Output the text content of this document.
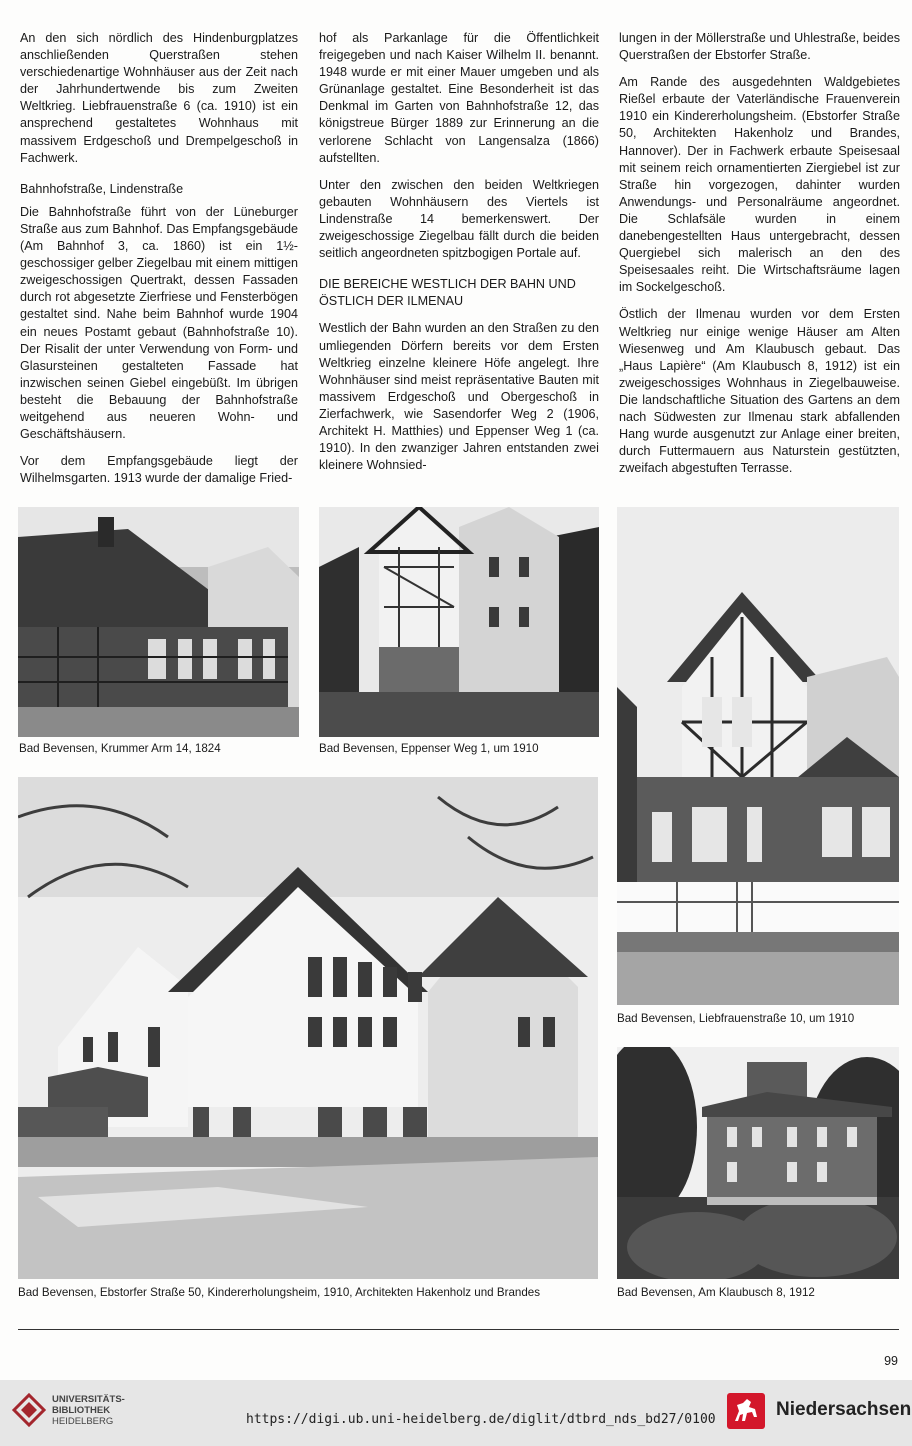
An den sich nördlich des Hindenburgplatzes anschließenden Querstraßen stehen verschiedenartige Wohnhäuser aus der Zeit nach der Jahrhundertwende bis zum Zweiten Weltkrieg. Liebfrauenstraße 6 (ca. 1910) ist ein ansprechend gestaltetes Wohnhaus mit massivem Erdgeschoß und Drempelgeschoß in Fachwerk.

Bahnhofstraße, Lindenstraße

Die Bahnhofstraße führt von der Lüneburger Straße aus zum Bahnhof. Das Empfangsgebäude (Am Bahnhof 3, ca. 1860) ist ein 1½-geschossiger gelber Ziegelbau mit einem mittigen zweigeschossigen Quertrakt, dessen Fassaden durch rot abgesetzte Zierfriese und Fensterbögen gestaltet sind. Nahe beim Bahnhof wurde 1904 ein neues Postamt gebaut (Bahnhofstraße 10). Der Risalit der unter Verwendung von Form- und Glasursteinen gestalteten Fassade hat inzwischen seinen Giebel eingebüßt. Im übrigen besteht die Bebauung der Bahnhofstraße weitgehend aus neueren Wohn- und Geschäftshäusern.

Vor dem Empfangsgebäude liegt der Wilhelmsgarten. 1913 wurde der damalige Fried-

hof als Parkanlage für die Öffentlichkeit freigegeben und nach Kaiser Wilhelm II. benannt. 1948 wurde er mit einer Mauer umgeben und als Grünanlage gestaltet. Eine Besonderheit ist das Denkmal im Garten von Bahnhofstraße 12, das königstreue Bürger 1889 zur Erinnerung an die verlorene Schlacht von Langensalza (1866) aufstellten.

Unter den zwischen den beiden Weltkriegen gebauten Wohnhäusern des Viertels ist Lindenstraße 14 bemerkenswert. Der zweigeschossige Ziegelbau fällt durch die beiden seitlich angeordneten spitzbogigen Portale auf.

DIE BEREICHE WESTLICH DER BAHN UND ÖSTLICH DER ILMENAU

Westlich der Bahn wurden an den Straßen zu den umliegenden Dörfern bereits vor dem Ersten Weltkrieg einzelne kleinere Höfe angelegt. Ihre Wohnhäuser sind meist repräsentative Bauten mit massivem Erdgeschoß und Obergeschoß in Zierfachwerk, wie Sasendorfer Weg 2 (1906, Architekt H. Matthies) und Eppenser Weg 1 (ca. 1910). In den zwanziger Jahren entstanden zwei kleinere Wohnsied-

lungen in der Möllerstraße und Uhlestraße, beides Querstraßen der Ebstorfer Straße.

Am Rande des ausgedehnten Waldgebietes Rießel erbaute der Vaterländische Frauenverein 1910 ein Kindererholungsheim. (Ebstorfer Straße 50, Architekten Hakenholz und Brandes, Hannover). Der in Fachwerk erbaute Speisesaal mit seinem reich ornamentierten Ziergiebel ist zur Straße hin vorgezogen, dahinter wurden Anwendungs- und Personalräume angeordnet. Die Schlafsäle wurden in einem danebengestellten Haus untergebracht, dessen Quergiebel sich malerisch an den des Speisesaales reiht. Die Wirtschaftsräume lagen im Sockelgeschoß.

Östlich der Ilmenau wurden vor dem Ersten Weltkrieg nur einige wenige Häuser am Alten Wiesenweg und Am Klaubusch gebaut. Das „Haus Lapière“ (Am Klaubusch 8, 1912) ist ein zweigeschossiges Wohnhaus in Ziegelbauweise. Die landschaftliche Situation des Gartens an dem nach Südwesten zur Ilmenau stark abfallenden Hang wurde ausgenutzt zur Anlage einer breiten, durch Futtermauern aus Naturstein gestützten, zweifach abgestuften Terrasse.

Bad Bevensen, Krummer Arm 14, 1824	Bad Bevensen, Eppenser Weg 1, um 1910
Bad Bevensen, Liebfrauenstraße 10, um 1910
Bad Bevensen, Ebstorfer Straße 50, Kindererholungsheim, 1910, Architekten Hakenholz und Brandes	Bad Bevensen, Am Klaubusch 8, 1912
99
UNIVERSITÄTS-
BIBLIOTHEK
HEIDELBERG	https://digi.ub.uni-heidelberg.de/diglit/dtbrd_nds_bd27/0100	Niedersachsen
